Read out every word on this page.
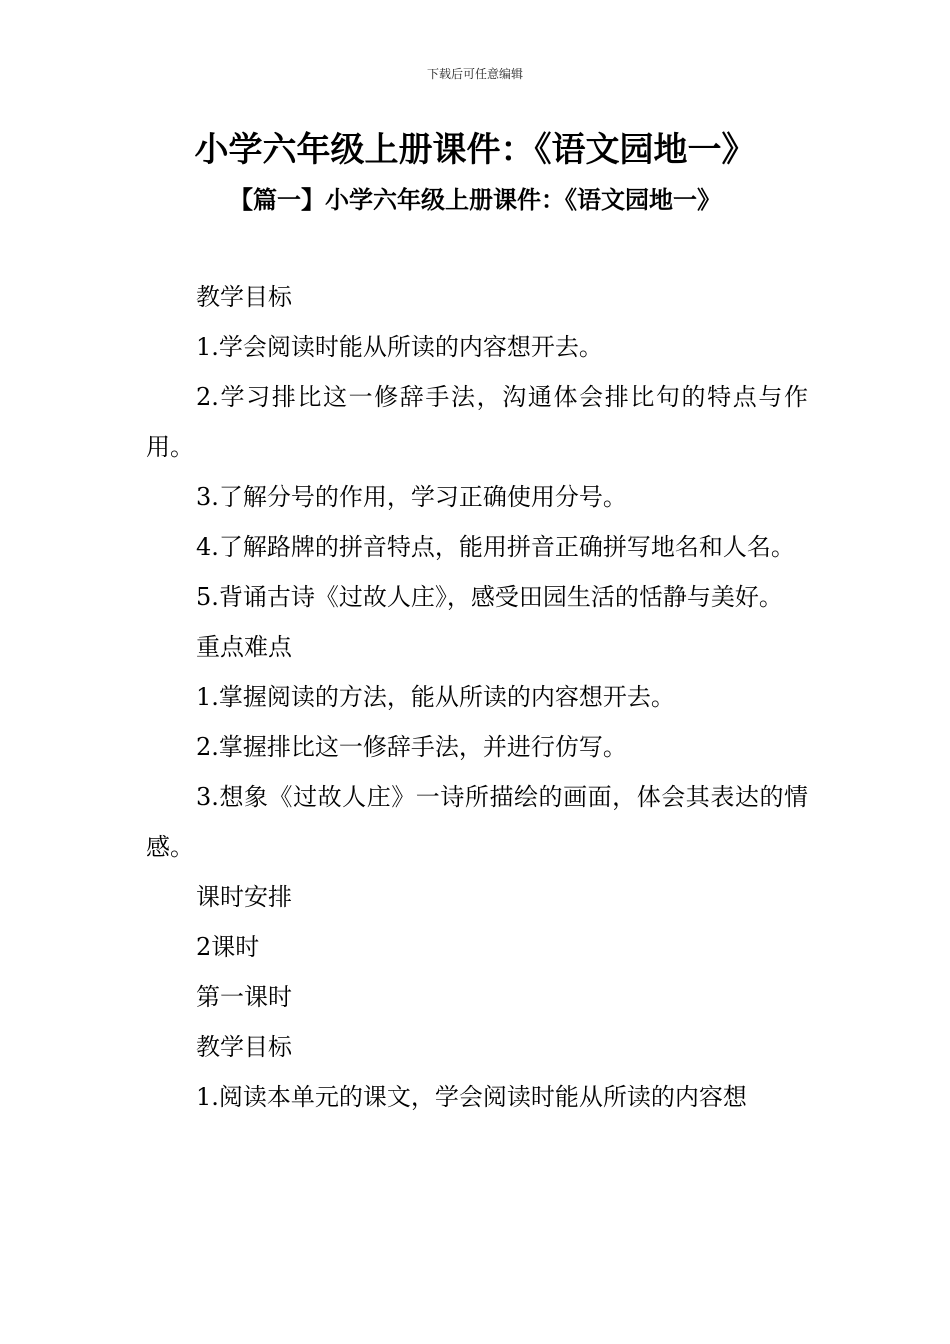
下载后可任意编辑
小学六年级上册课件：《语文园地一》
【篇一】小学六年级上册课件：《语文园地一》

教学目标

1.学会阅读时能从所读的内容想开去。

2.学习排比这一修辞手法，沟通体会排比句的特点与作用。

3.了解分号的作用，学习正确使用分号。

4.了解路牌的拼音特点，能用拼音正确拼写地名和人名。

5.背诵古诗《过故人庄》，感受田园生活的恬静与美好。

重点难点

1.掌握阅读的方法，能从所读的内容想开去。

2.掌握排比这一修辞手法，并进行仿写。

3.想象《过故人庄》一诗所描绘的画面，体会其表达的情感。

课时安排

2课时

第一课时

教学目标

1.阅读本单元的课文，学会阅读时能从所读的内容想
